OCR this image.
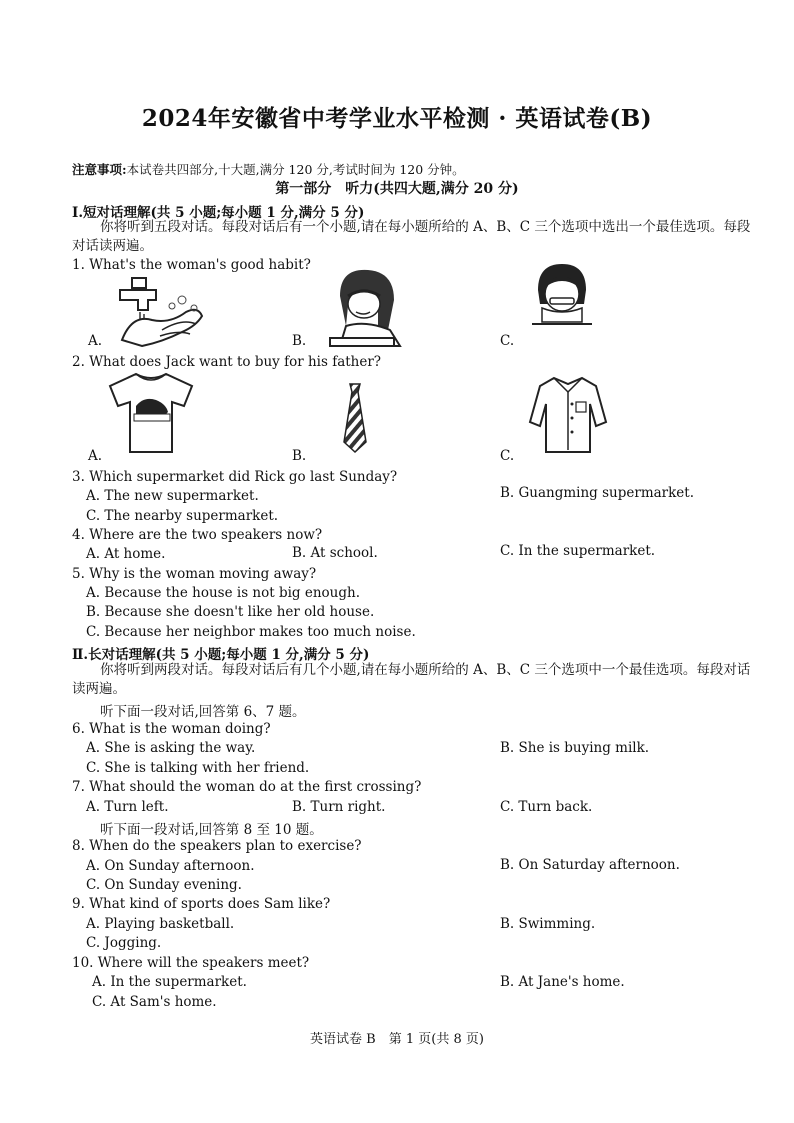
2024年安徽省中考学业水平检测 · 英语试卷(B)
注意事项:本试卷共四部分,十大题,满分 120 分,考试时间为 120 分钟。
第一部分　听力(共四大题,满分 20 分)
Ⅰ.短对话理解(共 5 小题;每小题 1 分,满分 5 分)
你将听到五段对话。每段对话后有一个小题,请在每小题所给的 A、B、C 三个选项中选出一个最佳选项。每段对话读两遍。
1. What's the woman's good habit?
A.	B.	C.
2. What does Jack want to buy for his father?
A.	B.	C.
3. Which supermarket did Rick go last Sunday?
A. The new supermarket.	B. Guangming supermarket.
C. The nearby supermarket.
4. Where are the two speakers now?
A. At home.	B. At school.	C. In the supermarket.
5. Why is the woman moving away?
A. Because the house is not big enough.
B. Because she doesn't like her old house.
C. Because her neighbor makes too much noise.
Ⅱ.长对话理解(共 5 小题;每小题 1 分,满分 5 分)
你将听到两段对话。每段对话后有几个小题,请在每小题所给的 A、B、C 三个选项中一个最佳选项。每段对话读两遍。
听下面一段对话,回答第 6、7 题。
6. What is the woman doing?
A. She is asking the way.	B. She is buying milk.
C. She is talking with her friend.
7. What should the woman do at the first crossing?
A. Turn left.	B. Turn right.	C. Turn back.
听下面一段对话,回答第 8 至 10 题。
8. When do the speakers plan to exercise?
A. On Sunday afternoon.	B. On Saturday afternoon.
C. On Sunday evening.
9. What kind of sports does Sam like?
A. Playing basketball.	B. Swimming.
C. Jogging.
10. Where will the speakers meet?
A. In the supermarket.	B. At Jane's home.
C. At Sam's home.
英语试卷 B　第 1 页(共 8 页)
